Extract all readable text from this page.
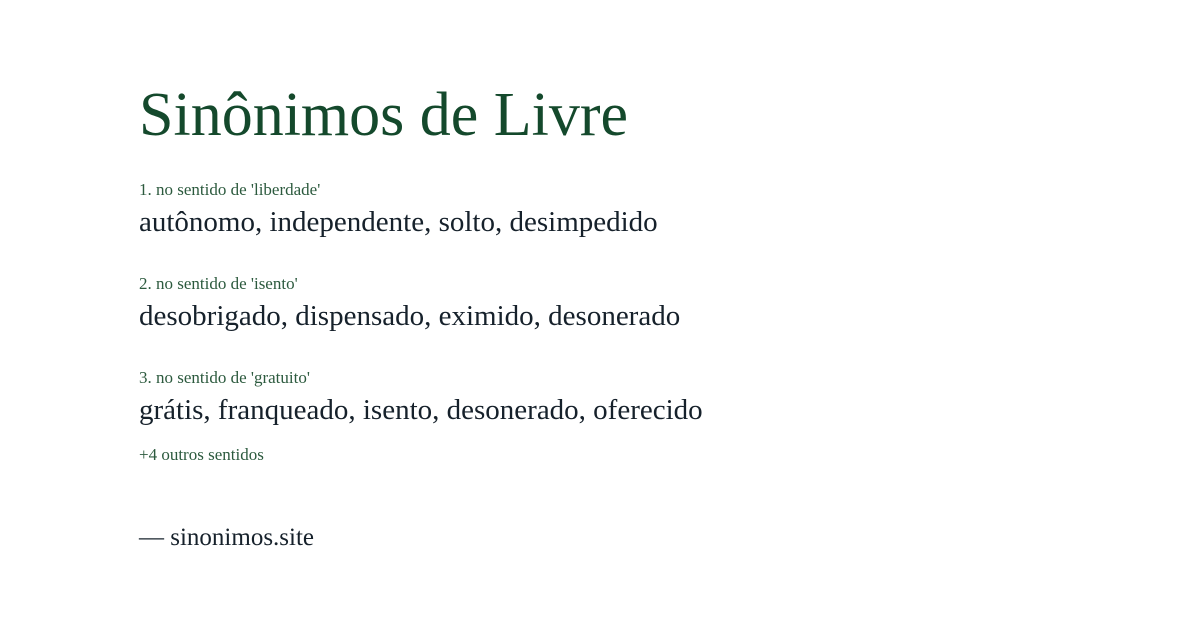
Sinônimos de Livre
1. no sentido de 'liberdade'
autônomo, independente, solto, desimpedido
2. no sentido de 'isento'
desobrigado, dispensado, eximido, desonerado
3. no sentido de 'gratuito'
grátis, franqueado, isento, desonerado, oferecido
+4 outros sentidos
— sinonimos.site
